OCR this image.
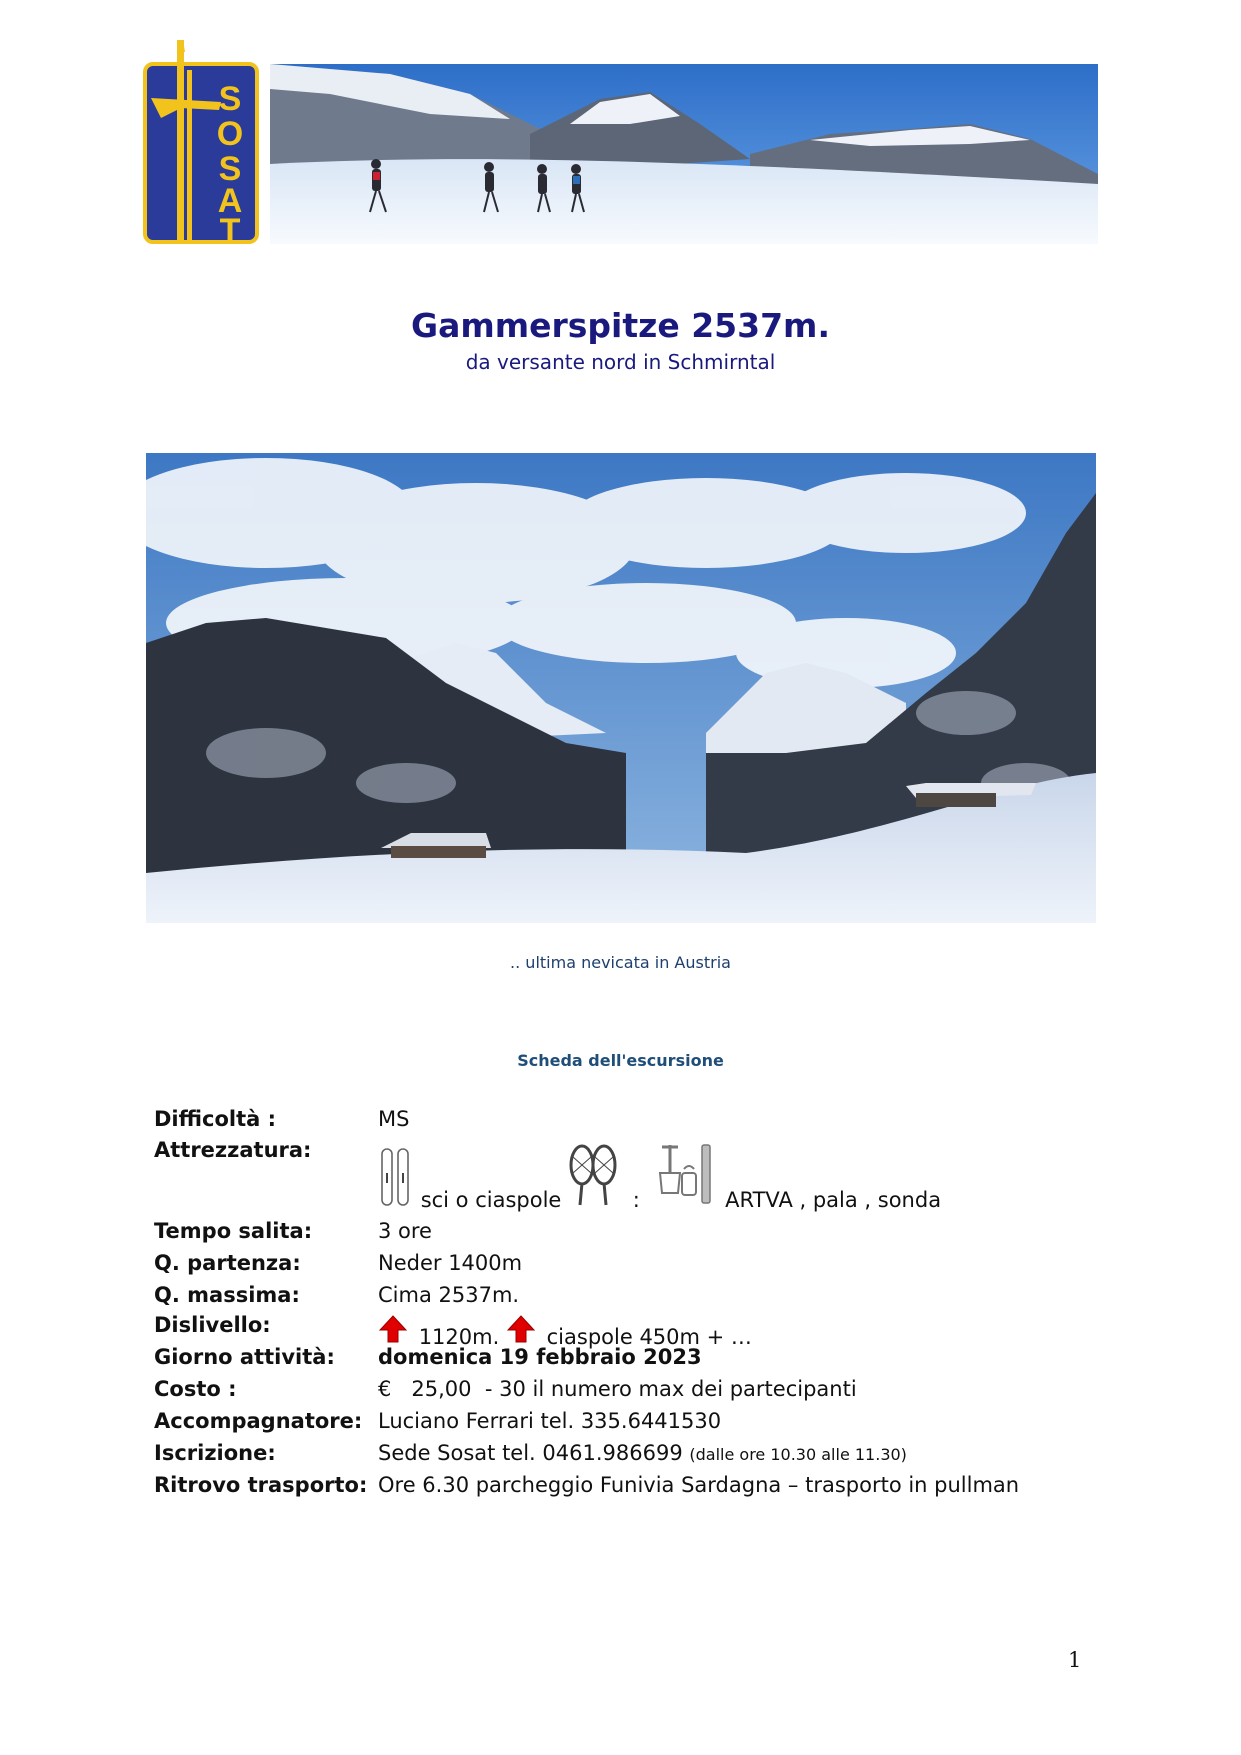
S
O
S
A
T
Gammerspitze 2537m.
da versante nord in Schmirntal
.. ultima nevicata in Austria
Scheda dell'escursione
Difficoltà :	MS
Attrezzatura:
sci o ciaspole	:	ARTVA , pala , sonda
Tempo salita:	3 ore
Q. partenza:	Neder 1400m
Q. massima:	Cima 2537m.
Dislivello:	1120m. ciaspole 450m + …
Giorno attività: domenica 19 febbraio 2023
Costo :	€   25,00  - 30 il numero max dei partecipanti
Accompagnatore: Luciano Ferrari tel. 335.6441530
Iscrizione:	Sede Sosat tel. 0461.986699 (dalle ore 10.30 alle 11.30)
Ritrovo trasporto: Ore 6.30 parcheggio Funivia Sardagna – trasporto in pullman
1
